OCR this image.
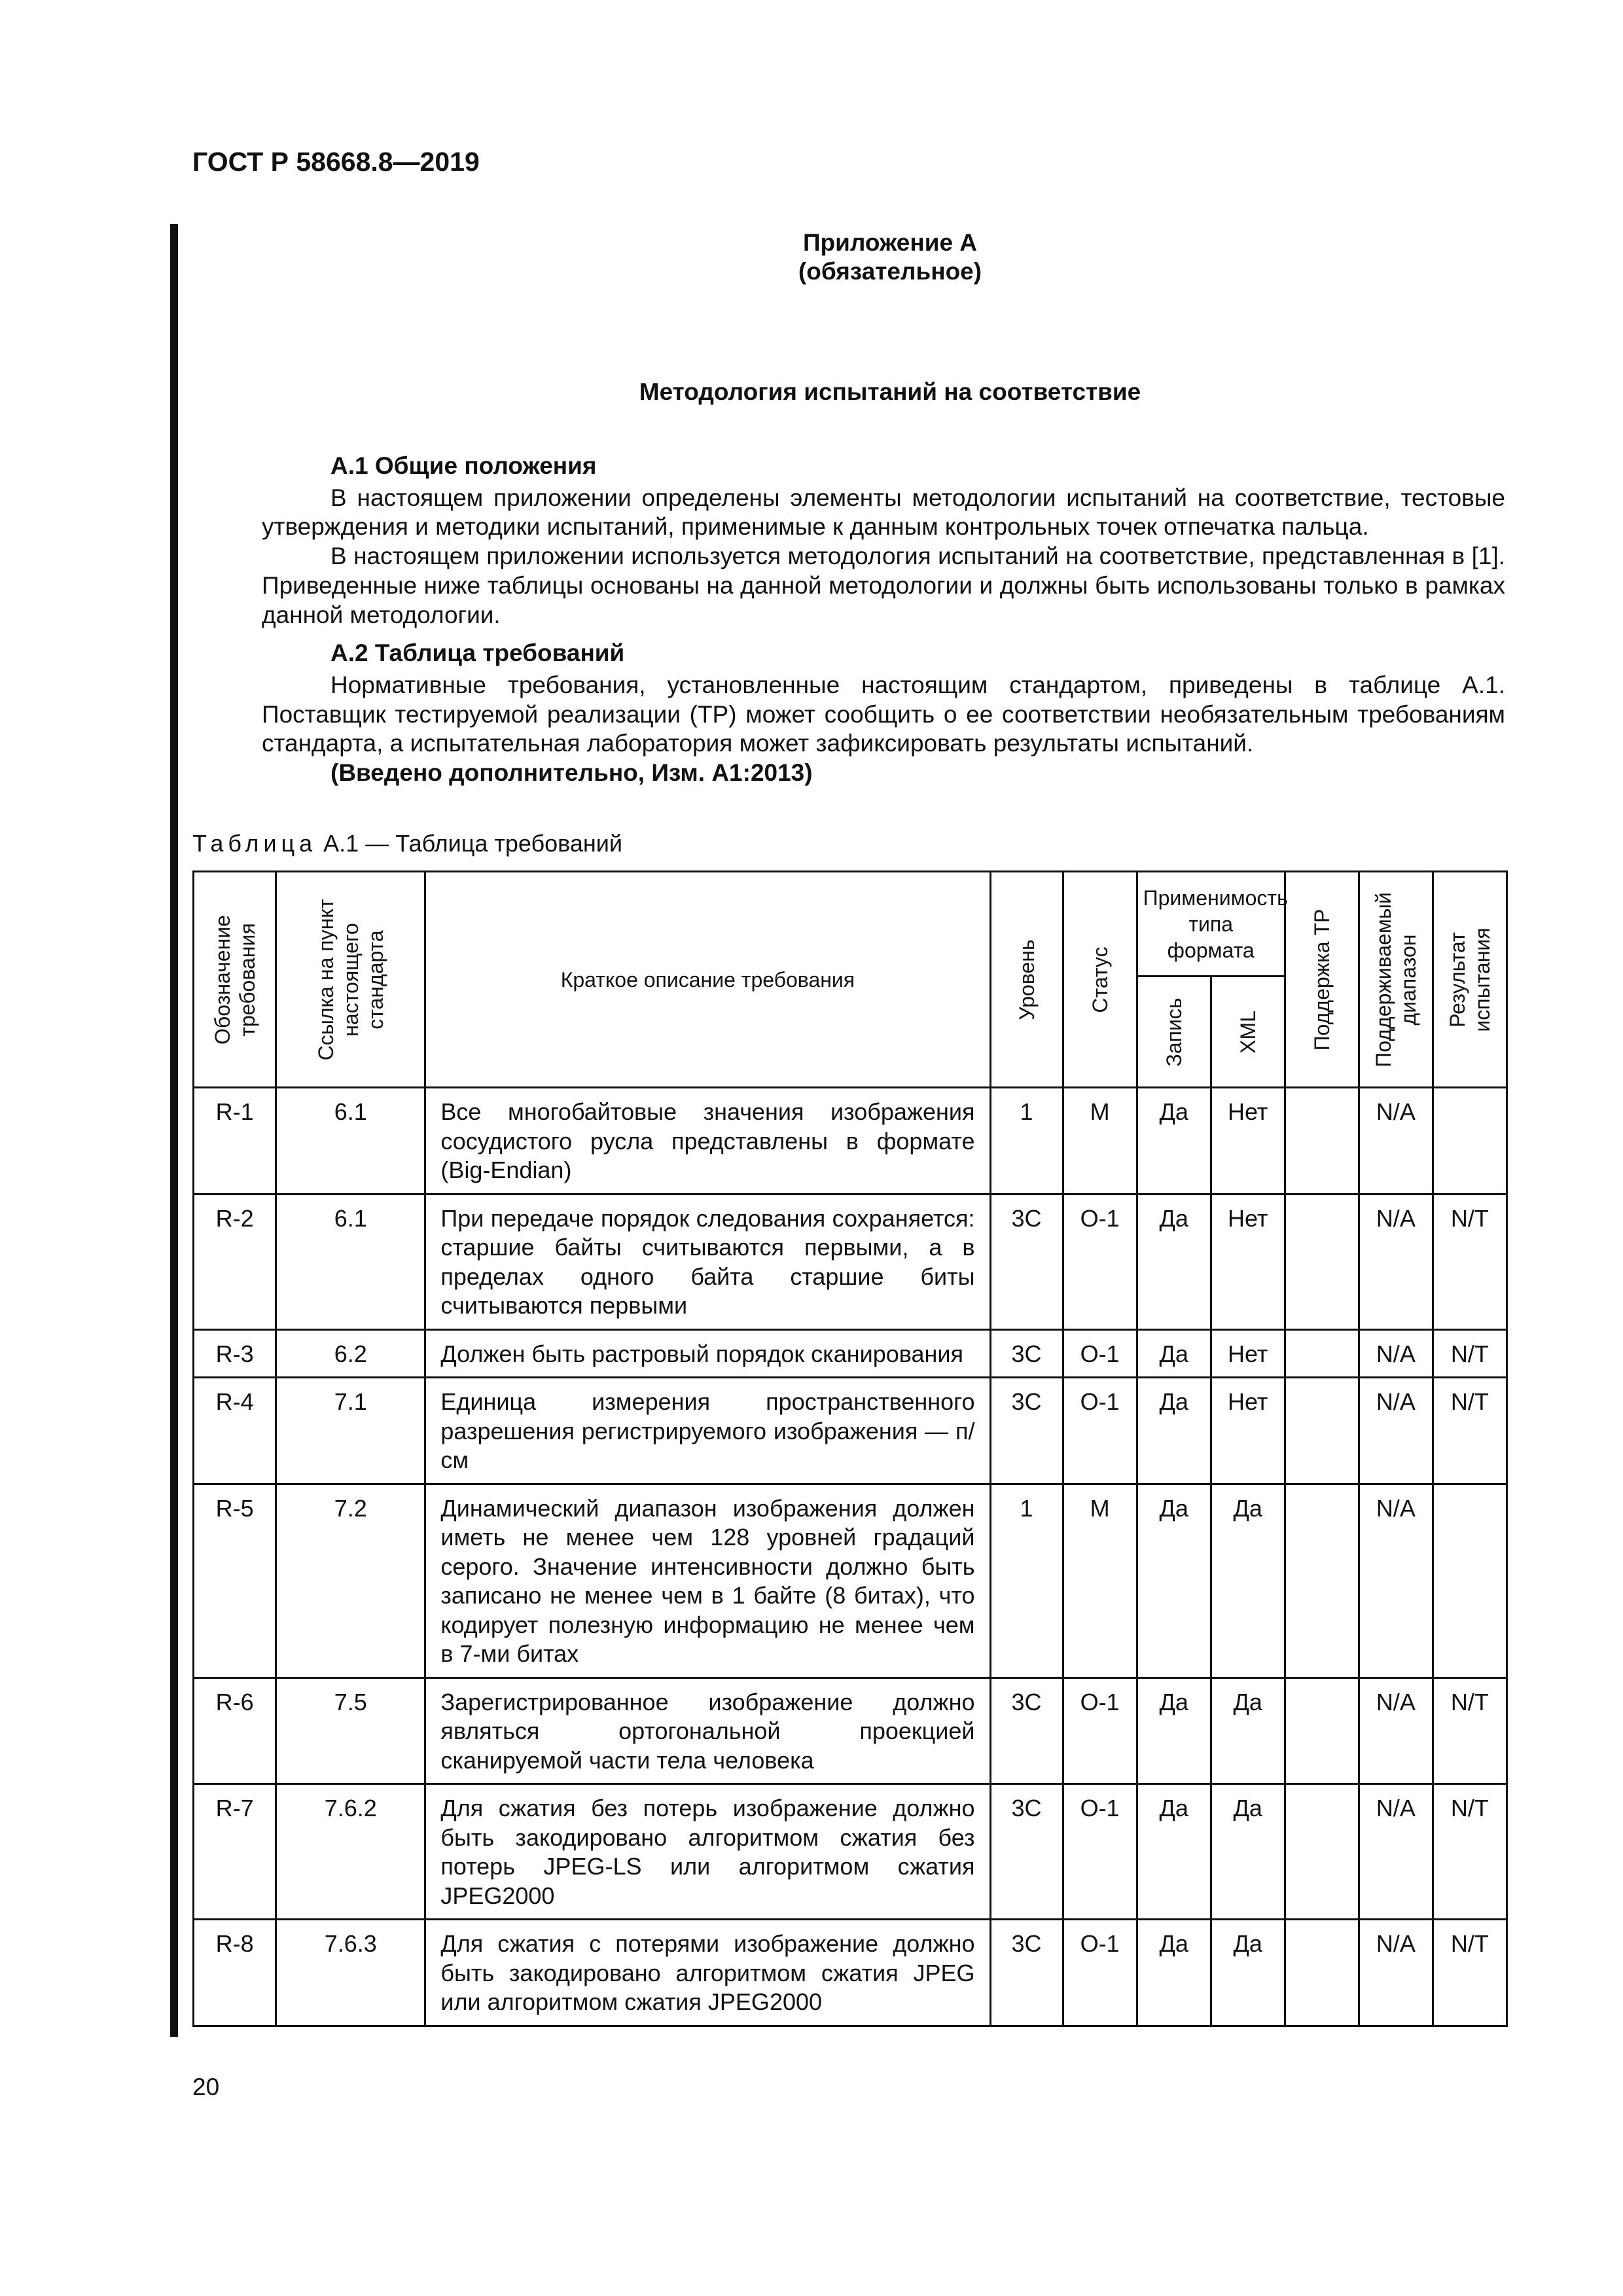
ГОСТ Р 58668.8—2019

Приложение А

(обязательное)

Методология испытаний на соответствие

А.1 Общие положения

В настоящем приложении определены элементы методологии испытаний на соответствие, тестовые утверждения и методики испытаний, применимые к данным контрольных точек отпечатка пальца.

В настоящем приложении используется методология испытаний на соответствие, представленная в [1]. Приведенные ниже таблицы основаны на данной методологии и должны быть использованы только в рамках данной методологии.

А.2 Таблица требований

Нормативные требования, установленные настоящим стандартом, приведены в таблице А.1. Поставщик тестируемой реализации (ТР) может сообщить о ее соответствии необязательным требованиям стандарта, а испытательная лаборатория может зафиксировать результаты испытаний.

(Введено дополнительно, Изм. А1:2013)

Таблица А.1 — Таблица требований

Обозначение требования	Ссылка на пункт настоящего стандарта	Краткое описание требования	Уровень	Статус	Применимость типа формата		Поддержка ТР	Поддерживаемый диапазон	Результат испытания

					Запись	XML			

R-1	6.1	Все многобайтовые значения изображения сосудистого русла представлены в формате (Big-Endian)	1	М	Да	Нет		N/A	
R-2	6.1	При передаче порядок следования сохраняется: старшие байты считываются первыми, а в пределах одного байта старшие биты считываются первыми	3С	О-1	Да	Нет		N/A	N/T
R-3	6.2	Должен быть растровый порядок сканирования	3С	О-1	Да	Нет		N/A	N/T
R-4	7.1	Единица измерения пространственного разрешения регистрируемого изображения — п/см	3С	О-1	Да	Нет		N/A	N/T
R-5	7.2	Динамический диапазон изображения должен иметь не менее чем 128 уровней градаций серого. Значение интенсивности должно быть записано не менее чем в 1 байте (8 битах), что кодирует полезную информацию не менее чем в 7-ми битах	1	М	Да	Да		N/A	
R-6	7.5	Зарегистрированное изображение должно являться ортогональной проекцией сканируемой части тела человека	3С	О-1	Да	Да		N/A	N/T
R-7	7.6.2	Для сжатия без потерь изображение должно быть закодировано алгоритмом сжатия без потерь JPEG-LS или алгоритмом сжатия JPEG2000	3С	О-1	Да	Да		N/A	N/T
R-8	7.6.3	Для сжатия с потерями изображение должно быть закодировано алгоритмом сжатия JPEG или алгоритмом сжатия JPEG2000	3С	О-1	Да	Да		N/A	N/T

20
